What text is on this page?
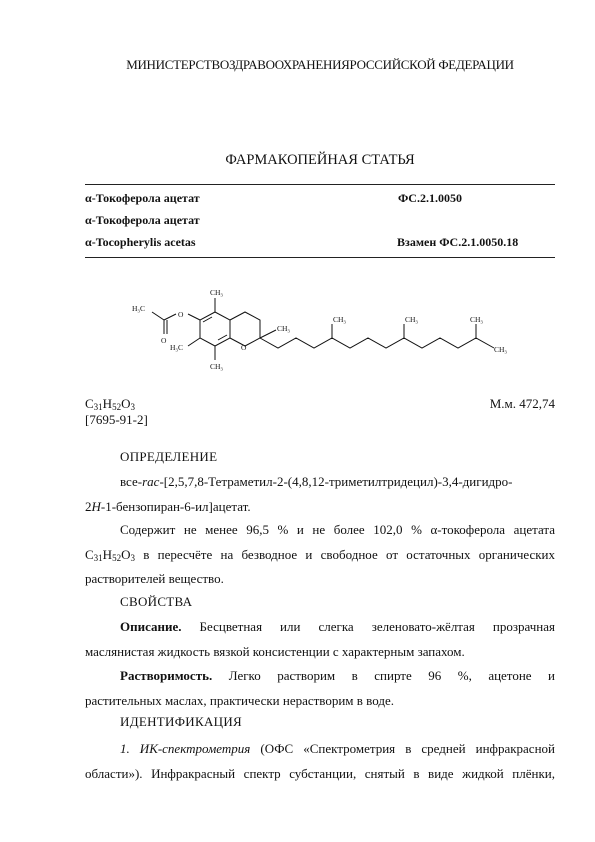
МИНИСТЕРСТВОЗДРАВООХРАНЕНИЯРОССИЙСКОЙ ФЕДЕРАЦИИ
ФАРМАКОПЕЙНАЯ СТАТЬЯ
α-Токоферола ацетат	ФС.2.1.0050
α-Токоферола ацетат
α-Tocopherylis acetas	Взамен ФС.2.1.0050.18
H₃C
O
O
CH₃
H₃C
CH₃
O
CH₃
CH₃	CH₃	CH₃
CH₃
$C_{31}H_{52}O_3$	М.м. 472,74
[7695-91-2]
ОПРЕДЕЛЕНИЕ
все-rac-[2,5,7,8-Тетраметил-2-(4,8,12-триметилтридецил)-3,4-дигидро-
2H-1-бензопиран-6-ил]ацетат.
Содержит не менее 96,5 % и не более 102,0 % α-токоферола ацетата
$C_{31}H_{52}O_3$ в пересчёте на безводное и свободное от остаточных органических
растворителей вещество.
СВОЙСТВА
Описание. Бесцветная или слегка зеленовато-жёлтая прозрачная
маслянистая жидкость вязкой консистенции с характерным запахом.
Растворимость. Легко растворим в спирте 96 %, ацетоне и
растительных маслах, практически нерастворим в воде.
ИДЕНТИФИКАЦИЯ
1. ИК-спектрометрия (ОФС «Спектрометрия в средней инфракрасной
области»). Инфракрасный спектр субстанции, снятый в виде жидкой плёнки,
